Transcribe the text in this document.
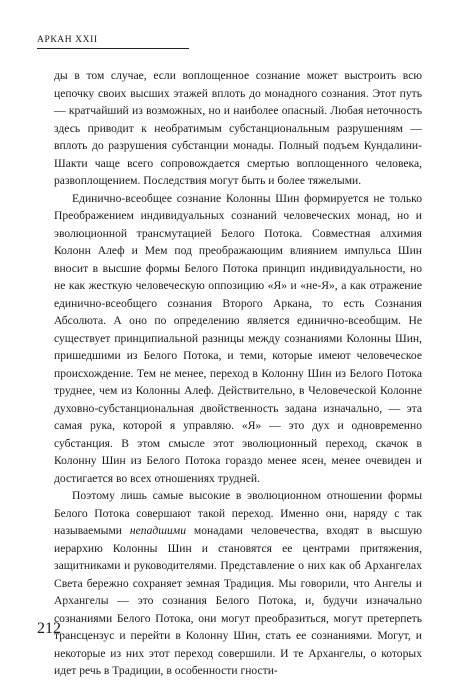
АРКАН XXII

ды в том случае, если воплощенное сознание может выстроить всю цепочку своих высших этажей вплоть до монадного сознания. Этот путь — кратчайший из возможных, но и наиболее опасный. Любая неточность здесь приводит к необратимым субстанциональным разрушениям — вплоть до разрушения субстанции монады. Полный подъем Кундалини-Шакти чаще всего сопровождается смертью воплощенного человека, развоплощением. Последствия могут быть и более тяжелыми.

Единично-всеобщее сознание Колонны Шин формируется не только Преображением индивидуальных сознаний человеческих монад, но и эволюционной трансмутацией Белого Потока. Совместная алхимия Колонн Алеф и Мем под преображающим влиянием импульса Шин вносит в высшие формы Белого Потока принцип индивидуальности, но не как жесткую человеческую оппозицию «Я» и «не-Я», а как отражение единично-всеобщего сознания Второго Аркана, то есть Сознания Абсолюта. А оно по определению является единично-всеобщим. Не существует принципиальной разницы между сознаниями Колонны Шин, пришедшими из Белого Потока, и теми, которые имеют человеческое происхождение. Тем не менее, переход в Колонну Шин из Белого Потока труднее, чем из Колонны Алеф. Действительно, в Человеческой Колонне духовно-субстанциональная двойственность задана изначально, — эта самая рука, которой я управляю. «Я» — это дух и одновременно субстанция. В этом смысле этот эволюционный переход, скачок в Колонну Шин из Белого Потока гораздо менее ясен, менее очевиден и достигается во всех отношениях трудней.

Поэтому лишь самые высокие в эволюционном отношении формы Белого Потока совершают такой переход. Именно они, наряду с так называемыми непадшими монадами человечества, входят в высшую иерархию Колонны Шин и становятся ее центрами притяжения, защитниками и руководителями. Представление о них как об Архангелах Света бережно сохраняет земная Традиция. Мы говорили, что Ангелы и Архангелы — это сознания Белого Потока, и, будучи изначально сознаниями Белого Потока, они могут преобразиться, могут претерпеть трансцензус и перейти в Колонну Шин, стать ее сознаниями. Могут, и некоторые из них этот переход совершили. И те Архангелы, о которых идет речь в Традиции, в особенности гности-

212
